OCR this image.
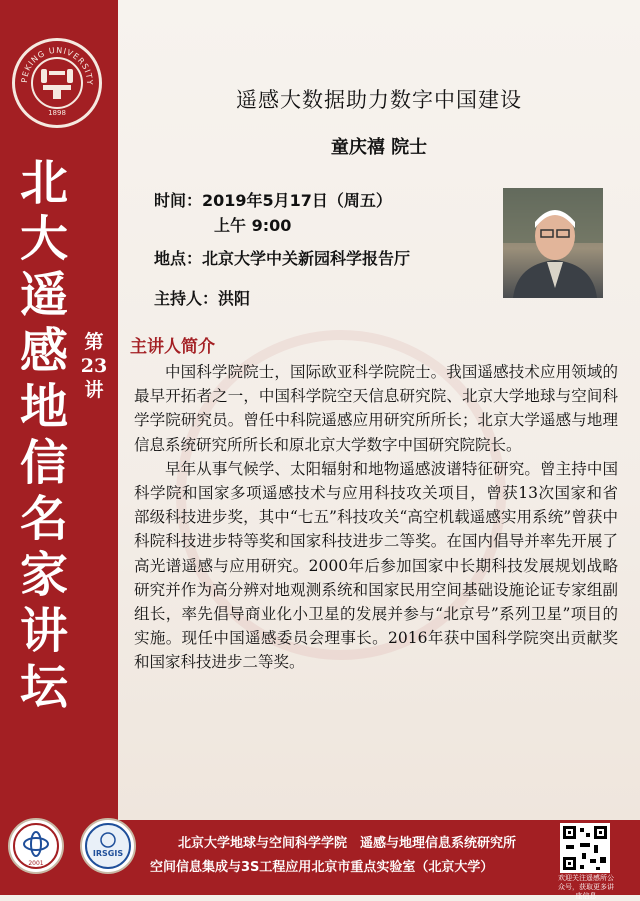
PEKING UNIVERSITY
1898
北
大
遥
感
地
信
名
家
讲
坛
第
23
讲
遥感大数据助力数字中国建设
童庆禧 院士
时间：2019年5月17日（周五）
上午 9:00
地点：北京大学中关新园科学报告厅
主持人：洪阳
主讲人简介

中国科学院院士，国际欧亚科学院院士。我国遥感技术应用领域的最早开拓者之一，中国科学院空天信息研究院、北京大学地球与空间科学学院研究员。曾任中科院遥感应用研究所所长；北京大学遥感与地理信息系统研究所所长和原北京大学数字中国研究院院长。

早年从事气候学、太阳辐射和地物遥感波谱特征研究。曾主持中国科学院和国家多项遥感技术与应用科技攻关项目，曾获13次国家和省部级科技进步奖，其中“七五”科技攻关“高空机载遥感实用系统”曾获中科院科技进步特等奖和国家科技进步二等奖。在国内倡导并率先开展了高光谱遥感与应用研究。2000年后参加国家中长期科技发展规划战略研究并作为高分辨对地观测系统和国家民用空间基础设施论证专家组副组长，率先倡导商业化小卫星的发展并参与“北京号”系列卫星”项目的实施。现任中国遥感委员会理事长。2016年获中国科学院突出贡献奖和国家科技进步二等奖。

2001
IRSGIS
北京大学地球与空间科学学院　遥感与地理信息系统研究所
空间信息集成与3S工程应用北京市重点实验室（北京大学）
欢迎关注遥感所公众号，获取更多讲座信息
